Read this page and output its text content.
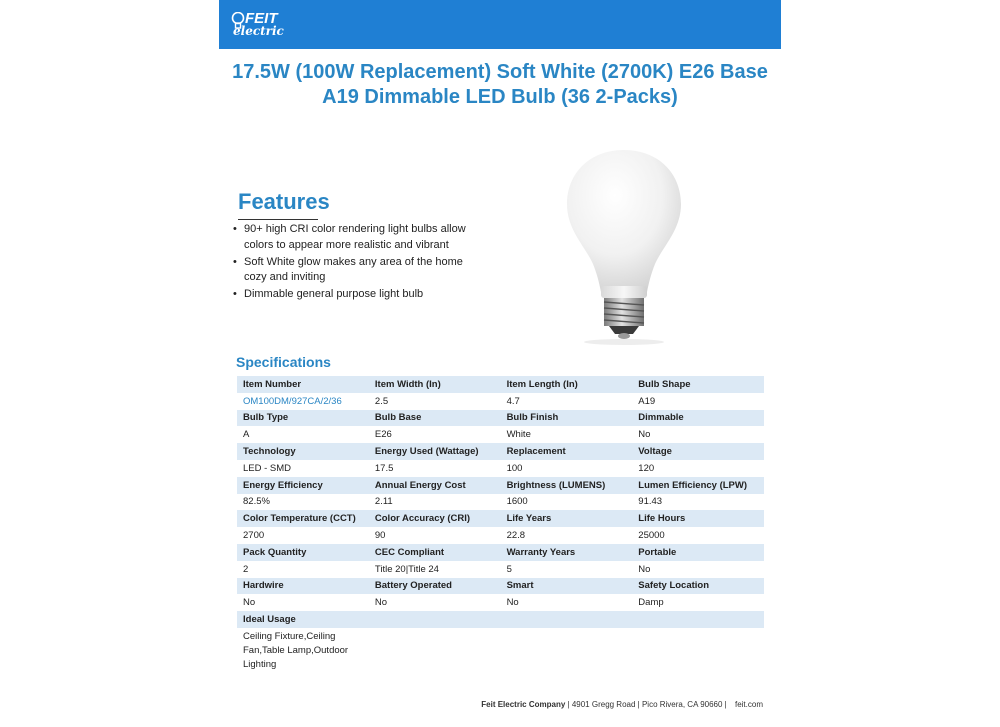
FEIT
electric
17.5W (100W Replacement) Soft White (2700K) E26 Base
A19 Dimmable LED Bulb (36 2-Packs)
Features
• 90+ high CRI color rendering light bulbs allow colors to appear more realistic and vibrant
• Soft White glow makes any area of the home cozy and inviting
• Dimmable general purpose light bulb
Specifications
Item Number	Item Width (In)	Item Length (In)	Bulb Shape
OM100DM/927CA/2/36	2.5	4.7	A19
Bulb Type	Bulb Base	Bulb Finish	Dimmable
A	E26	White	No
Technology	Energy Used (Wattage)	Replacement	Voltage
LED - SMD	17.5	100	120
Energy Efficiency	Annual Energy Cost	Brightness (LUMENS)	Lumen Efficiency (LPW)
82.5%	2.11	1600	91.43
Color Temperature (CCT)	Color Accuracy (CRI)	Life Years	Life Hours
2700	90	22.8	25000
Pack Quantity	CEC Compliant	Warranty Years	Portable
2	Title 20|Title 24	5	No
Hardwire	Battery Operated	Smart	Safety Location
No	No	No	Damp
Ideal Usage			
Ceiling Fixture,Ceiling Fan,Table Lamp,Outdoor Lighting			
Feit Electric Company | 4901 Gregg Road | Pico Rivera, CA 90660 | feit.com
